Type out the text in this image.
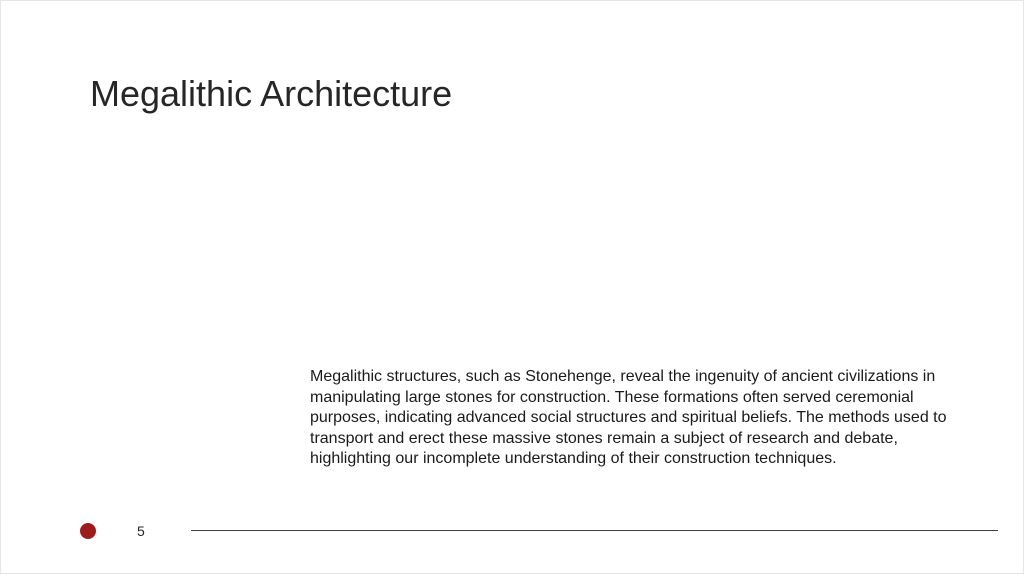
Megalithic Architecture

Megalithic structures, such as Stonehenge, reveal the ingenuity of ancient civilizations in manipulating large stones for construction. These formations often served ceremonial purposes, indicating advanced social structures and spiritual beliefs. The methods used to transport and erect these massive stones remain a subject of research and debate, highlighting our incomplete understanding of their construction techniques.

5
